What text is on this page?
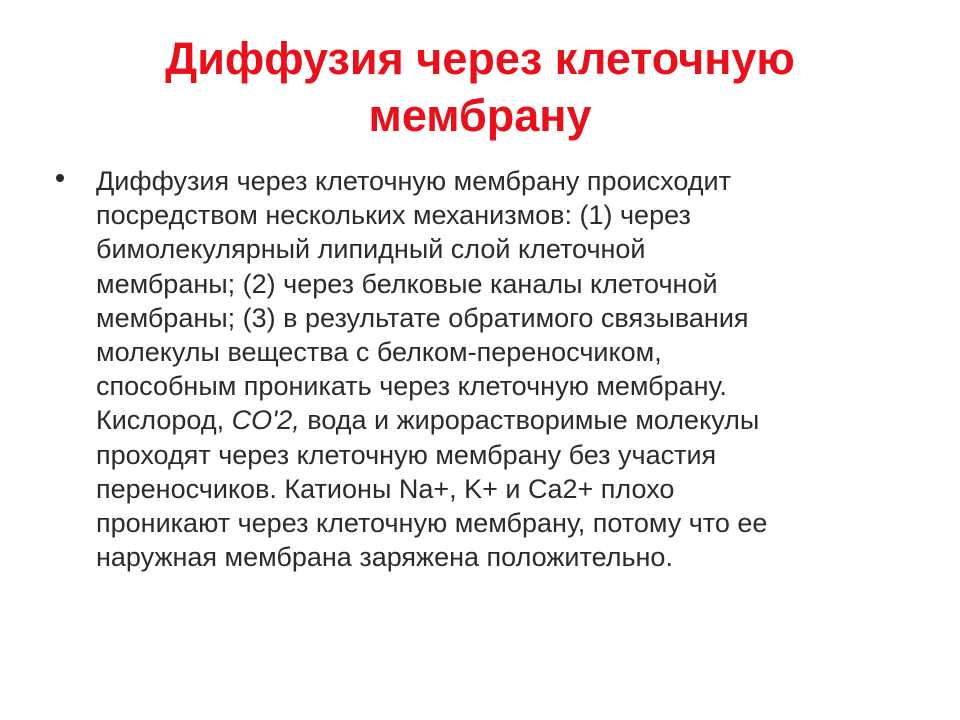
Диффузия через клеточную
мембрану
Диффузия через клеточную мембрану происходит
посредством нескольких механизмов: (1) через
бимолекулярный липидный слой клеточной
мембраны; (2) через белковые каналы клеточной
мембраны; (3) в результате обратимого связывания
молекулы вещества с белком-переносчиком,
способным проникать через клеточную мембрану.
Кислород, CO'2, вода и жирорастворимые молекулы
проходят через клеточную мембрану без участия
переносчиков. Катионы Na+, K+ и Ca2+ плохо
проникают через клеточную мембрану, потому что ее
наружная мембрана заряжена положительно.
